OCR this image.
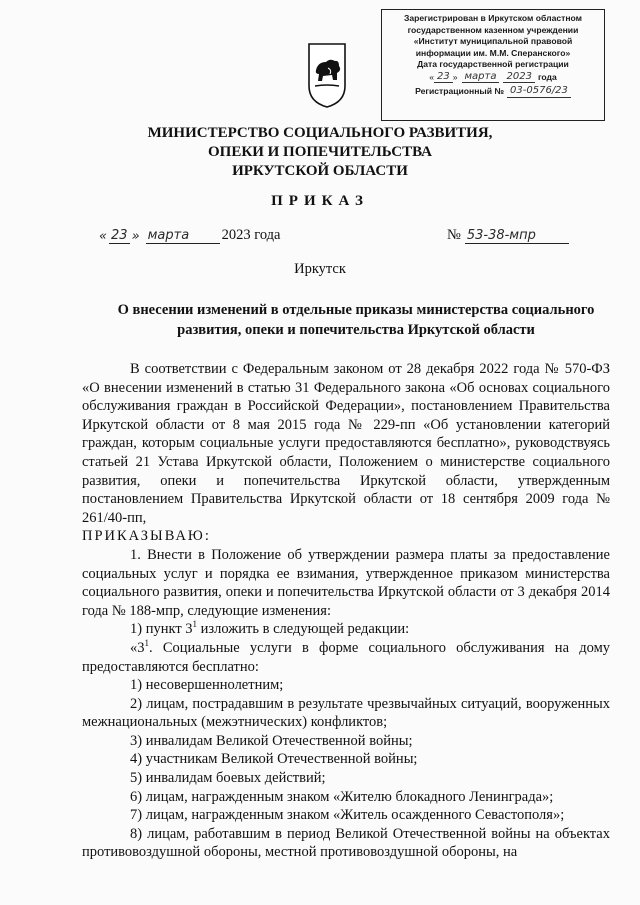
Зарегистрирован в Иркутском областном
государственном казенном учреждении
«Институт муниципальной правовой
информации им. М.М. Сперанского»
Дата государственной регистрации
« 23 » марта	2023 года
Регистрационный № 03-0576/23
МИНИСТЕРСТВО СОЦИАЛЬНОГО РАЗВИТИЯ,
ОПЕКИ И ПОПЕЧИТЕЛЬСТВА
ИРКУТСКОЙ ОБЛАСТИ
ПРИКАЗ
« 23 » марта	2023 года	№ 53-38-мпр
Иркутск
О внесении изменений в отдельные приказы министерства социального развития, опеки и попечительства Иркутской области

В соответствии с Федеральным законом от 28 декабря 2022 года № 570-ФЗ «О внесении изменений в статью 31 Федерального закона «Об основах социального обслуживания граждан в Российской Федерации», постановлением Правительства Иркутской области от 8 мая 2015 года № 229-пп «Об установлении категорий граждан, которым социальные услуги предоставляются бесплатно», руководствуясь статьей 21 Устава Иркутской области, Положением о министерстве социального развития, опеки и попечительства Иркутской области, утвержденным постановлением Правительства Иркутской области от 18 сентября 2009 года № 261/40-пп,

ПРИКАЗЫВАЮ:

1. Внести в Положение об утверждении размера платы за предоставление социальных услуг и порядка ее взимания, утвержденное приказом министерства социального развития, опеки и попечительства Иркутской области от 3 декабря 2014 года № 188-мпр, следующие изменения:

1) пункт $3^1$ изложить в следующей редакции:

«$3^1$. Социальные услуги в форме социального обслуживания на дому предоставляются бесплатно:

1) несовершеннолетним;

2) лицам, пострадавшим в результате чрезвычайных ситуаций, вооруженных межнациональных (межэтнических) конфликтов;

3) инвалидам Великой Отечественной войны;

4) участникам Великой Отечественной войны;

5) инвалидам боевых действий;

6) лицам, награжденным знаком «Жителю блокадного Ленинграда»;

7) лицам, награжденным знаком «Житель осажденного Севастополя»;

8) лицам, работавшим в период Великой Отечественной войны на объектах противовоздушной обороны, местной противовоздушной обороны, на
